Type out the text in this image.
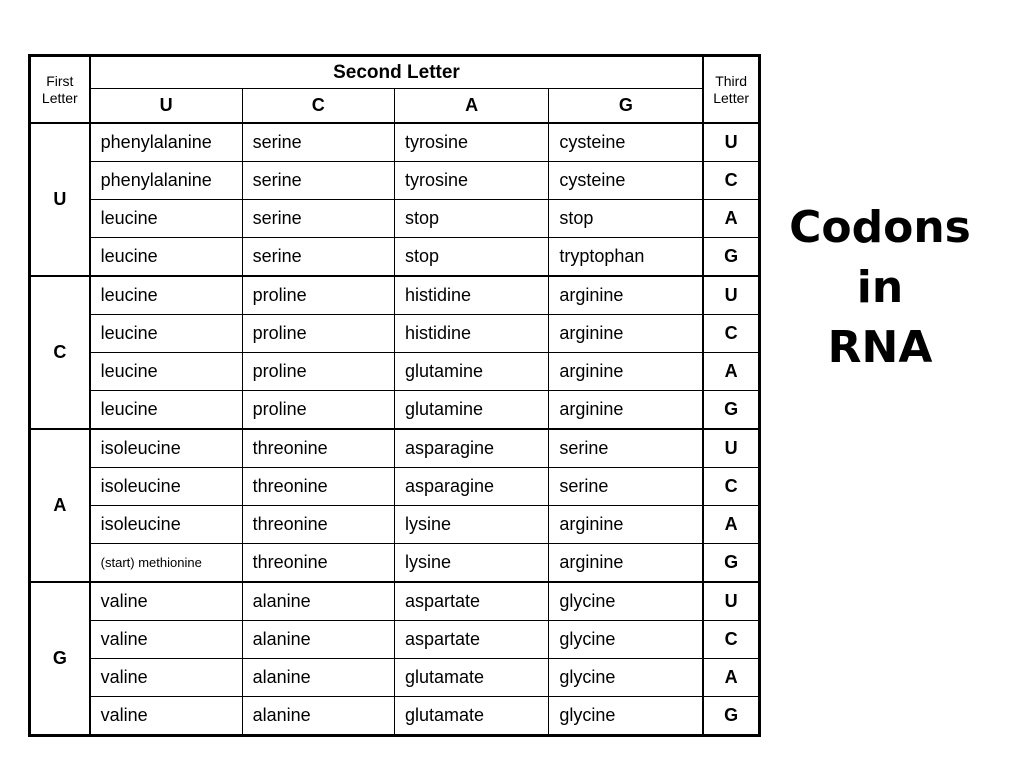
First
Letter	Second Letter				Third
Letter
	U	C	A	G	
U	phenylalanine	serine	tyrosine	cysteine	U
	phenylalanine	serine	tyrosine	cysteine	C
	leucine	serine	stop	stop	A
	leucine	serine	stop	tryptophan	G
C	leucine	proline	histidine	arginine	U
	leucine	proline	histidine	arginine	C
	leucine	proline	glutamine	arginine	A
	leucine	proline	glutamine	arginine	G
A	isoleucine	threonine	asparagine	serine	U
	isoleucine	threonine	asparagine	serine	C
	isoleucine	threonine	lysine	arginine	A
	(start) methionine	threonine	lysine	arginine	G
G	valine	alanine	aspartate	glycine	U
	valine	alanine	aspartate	glycine	C
	valine	alanine	glutamate	glycine	A
	valine	alanine	glutamate	glycine	G
Codons
in
RNA
